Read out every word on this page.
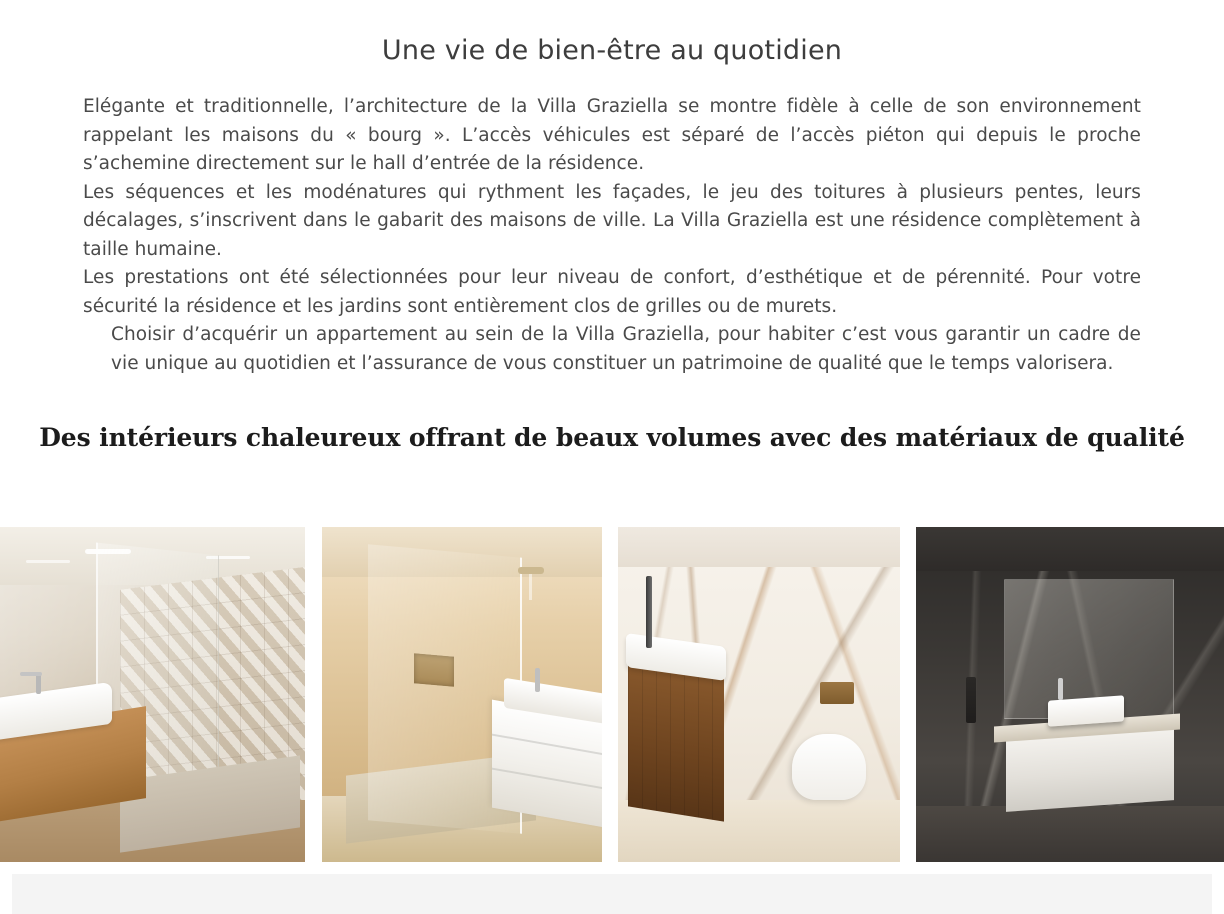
Une vie de bien-être au quotidien

Elégante et traditionnelle, l’architecture de la Villa Graziella se montre fidèle à celle de son environnement rappelant les maisons du « bourg ». L’accès véhicules est séparé de l’accès piéton qui depuis le proche s’achemine directement sur le hall d’entrée de la résidence.

Les séquences et les modénatures qui rythment les façades, le jeu des toitures à plusieurs pentes, leurs décalages, s’inscrivent dans le gabarit des maisons de ville. La Villa Graziella est une résidence complètement à taille humaine.

Les prestations ont été sélectionnées pour leur niveau de confort, d’esthétique et de pérennité. Pour votre sécurité la résidence et les jardins sont entièrement clos de grilles ou de murets.

Choisir d’acquérir un appartement au sein de la Villa Graziella, pour habiter c’est vous garantir un cadre de vie unique au quotidien et l’assurance de vous constituer un patrimoine de qualité que le temps valorisera.

Des intérieurs chaleureux offrant de beaux volumes avec des matériaux de qualité
